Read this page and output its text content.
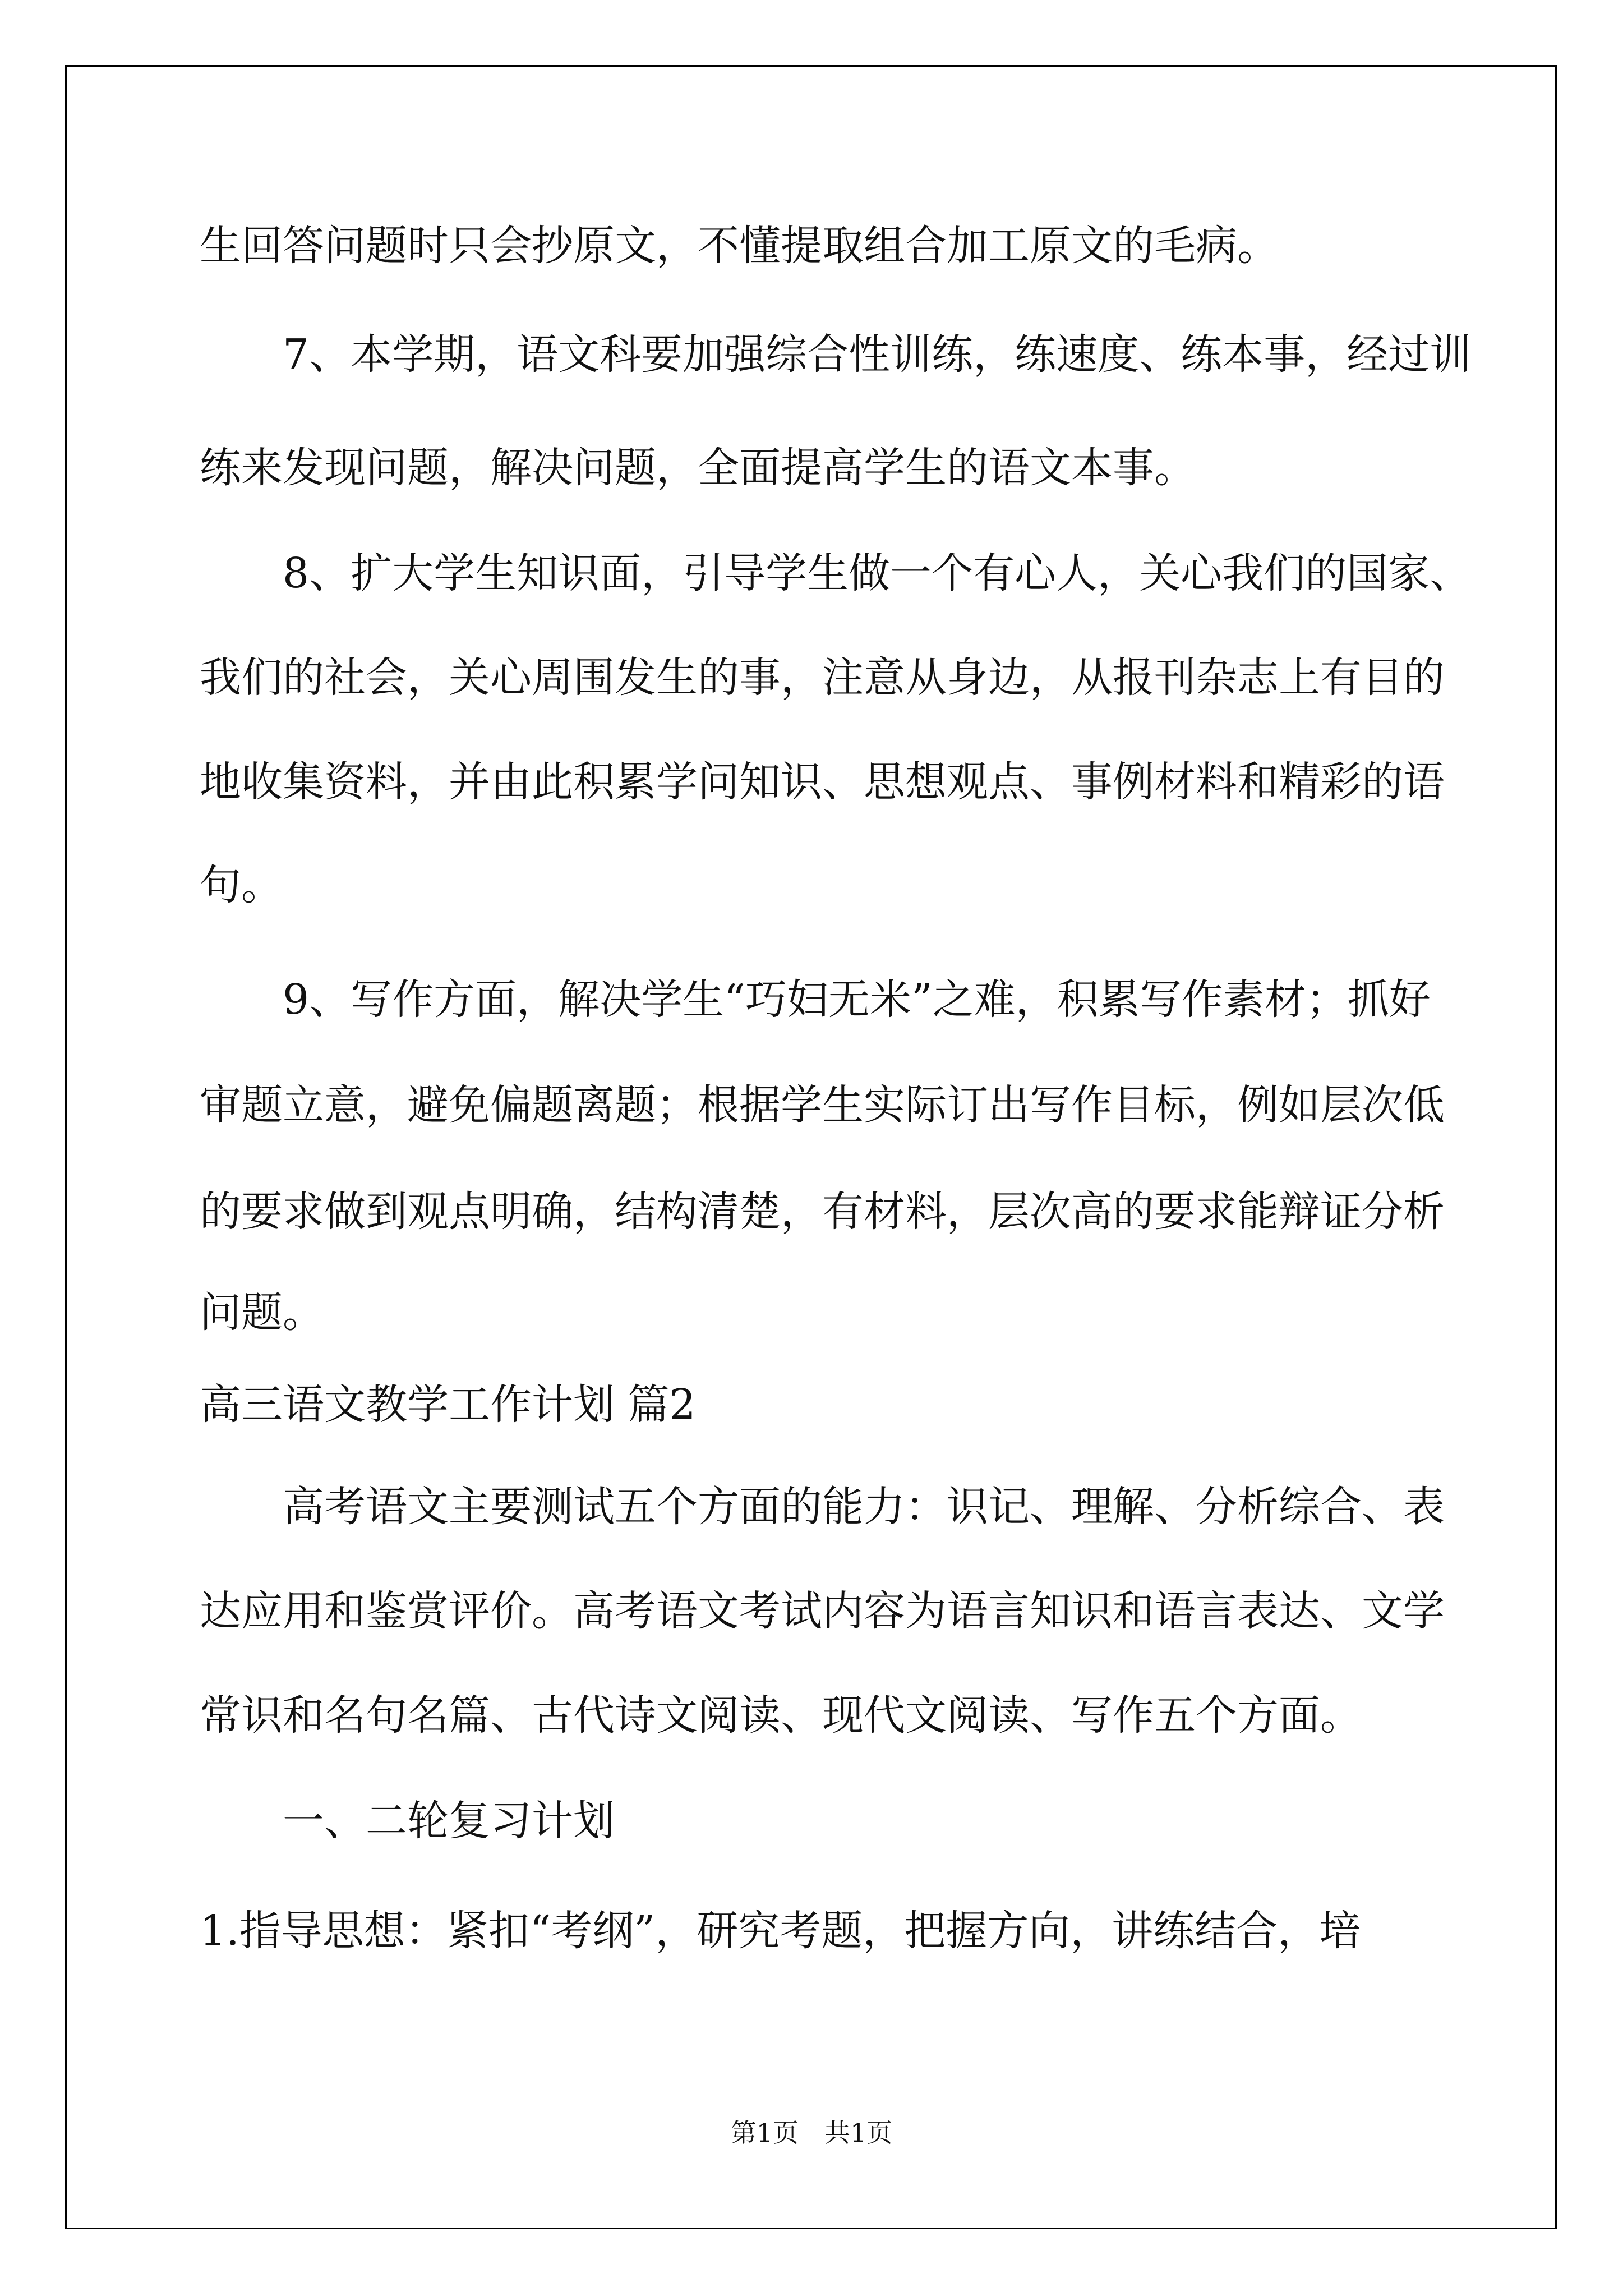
生回答问题时只会抄原文，不懂提取组合加工原文的毛病。
7、本学期，语文科要加强综合性训练，练速度、练本事，经过训
练来发现问题，解决问题，全面提高学生的语文本事。
8、扩大学生知识面，引导学生做一个有心人，关心我们的国家、
我们的社会，关心周围发生的事，注意从身边，从报刊杂志上有目的
地收集资料，并由此积累学问知识、思想观点、事例材料和精彩的语
句。
9、写作方面，解决学生“巧妇无米”之难，积累写作素材；抓好
审题立意，避免偏题离题；根据学生实际订出写作目标，例如层次低
的要求做到观点明确，结构清楚，有材料，层次高的要求能辩证分析
问题。
高三语文教学工作计划 篇2
高考语文主要测试五个方面的能力：识记、理解、分析综合、表
达应用和鉴赏评价。高考语文考试内容为语言知识和语言表达、文学
常识和名句名篇、古代诗文阅读、现代文阅读、写作五个方面。
一、二轮复习计划
1.指导思想：紧扣“考纲”，研究考题，把握方向，讲练结合，培
第1页　共1页
